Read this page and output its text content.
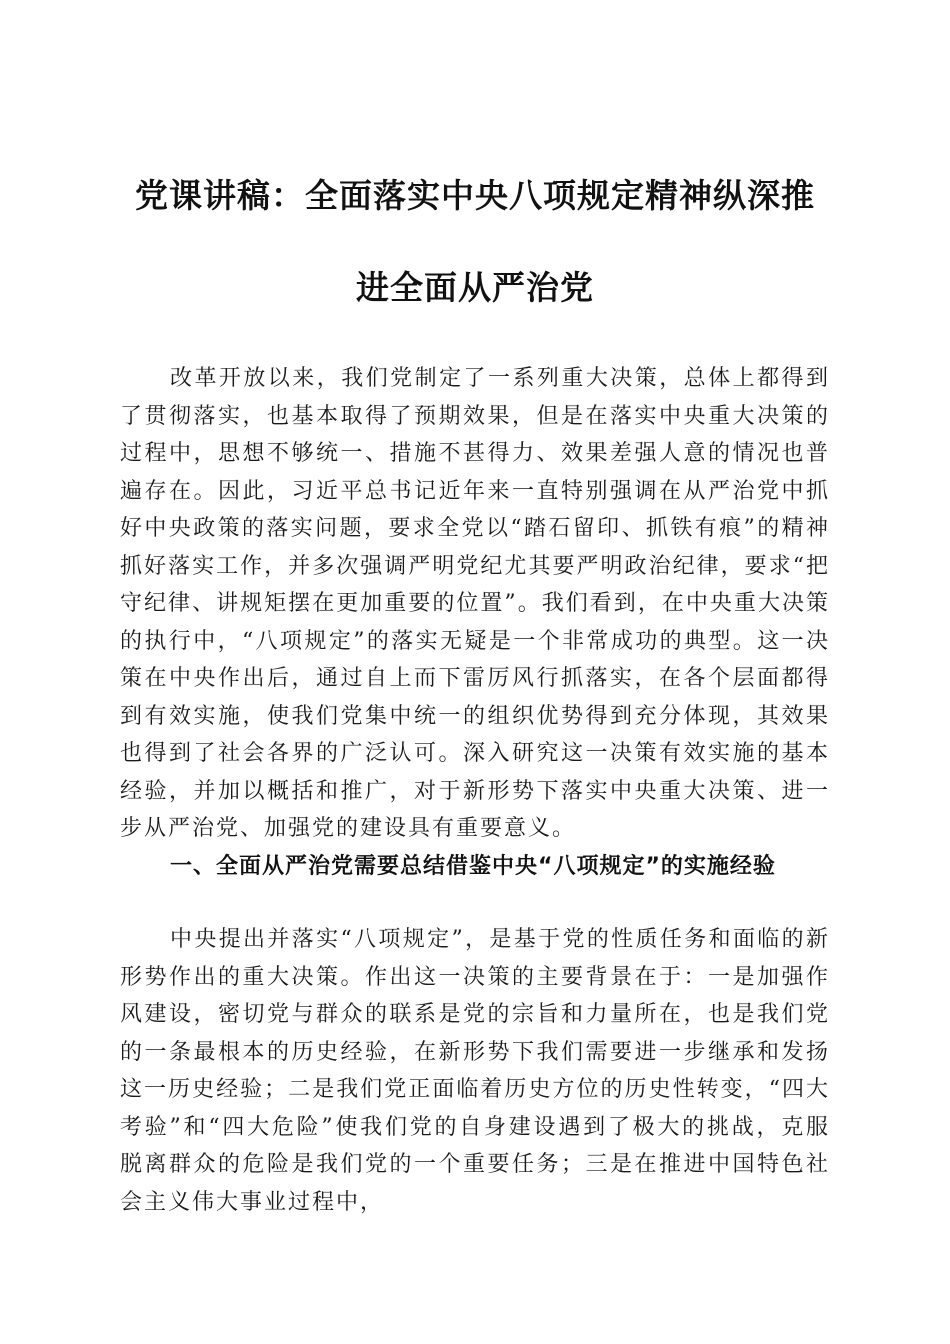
党课讲稿：全面落实中央八项规定精神纵深推
进全面从严治党

改革开放以来，我们党制定了一系列重大决策，总体上都得到了贯彻落实，也基本取得了预期效果，但是在落实中央重大决策的过程中，思想不够统一、措施不甚得力、效果差强人意的情况也普遍存在。因此，习近平总书记近年来一直特别强调在从严治党中抓好中央政策的落实问题，要求全党以“踏石留印、抓铁有痕”的精神抓好落实工作，并多次强调严明党纪尤其要严明政治纪律，要求“把守纪律、讲规矩摆在更加重要的位置”。我们看到，在中央重大决策的执行中，“八项规定”的落实无疑是一个非常成功的典型。这一决策在中央作出后，通过自上而下雷厉风行抓落实，在各个层面都得到有效实施，使我们党集中统一的组织优势得到充分体现，其效果也得到了社会各界的广泛认可。深入研究这一决策有效实施的基本经验，并加以概括和推广，对于新形势下落实中央重大决策、进一步从严治党、加强党的建设具有重要意义。

一、全面从严治党需要总结借鉴中央“八项规定”的实施经验

中央提出并落实“八项规定”，是基于党的性质任务和面临的新形势作出的重大决策。作出这一决策的主要背景在于：一是加强作风建设，密切党与群众的联系是党的宗旨和力量所在，也是我们党的一条最根本的历史经验，在新形势下我们需要进一步继承和发扬这一历史经验；二是我们党正面临着历史方位的历史性转变，“四大考验”和“四大危险”使我们党的自身建设遇到了极大的挑战，克服脱离群众的危险是我们党的一个重要任务；三是在推进中国特色社会主义伟大事业过程中，
